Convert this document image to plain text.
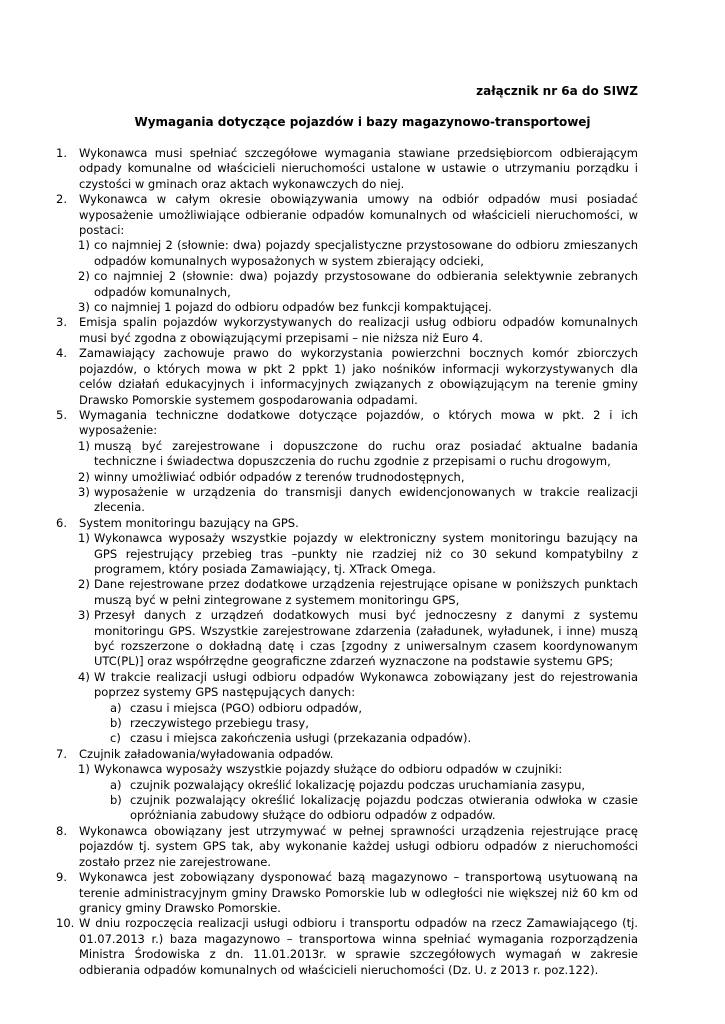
załącznik nr 6a do SIWZ
Wymagania dotyczące pojazdów i bazy magazynowo-transportowej
1. Wykonawca musi spełniać szczegółowe wymagania stawiane przedsiębiorcom odbierającym odpady komunalne od właścicieli nieruchomości ustalone w ustawie o utrzymaniu porządku i czystości w gminach oraz aktach wykonawczych do niej.

2. Wykonawca w całym okresie obowiązywania umowy na odbiór odpadów musi posiadać wyposażenie umożliwiające odbieranie odpadów komunalnych od właścicieli nieruchomości, w postaci:

1) co najmniej 2 (słownie: dwa) pojazdy specjalistyczne przystosowane do odbioru zmieszanych odpadów komunalnych wyposażonych w system zbierający odcieki,

2) co najmniej 2 (słownie: dwa) pojazdy przystosowane do odbierania selektywnie zebranych odpadów komunalnych,

3) co najmniej 1 pojazd do odbioru odpadów bez funkcji kompaktującej.

3. Emisja spalin pojazdów wykorzystywanych do realizacji usług odbioru odpadów komunalnych musi być zgodna z obowiązującymi przepisami – nie niższa niż Euro 4.

4. Zamawiający zachowuje prawo do wykorzystania powierzchni bocznych komór zbiorczych pojazdów, o których mowa w pkt 2 ppkt 1) jako nośników informacji wykorzystywanych dla celów działań edukacyjnych i informacyjnych związanych z obowiązującym na terenie gminy Drawsko Pomorskie systemem gospodarowania odpadami.

5. Wymagania techniczne dodatkowe dotyczące pojazdów, o których mowa w pkt. 2 i ich wyposażenie:

1) muszą być zarejestrowane i dopuszczone do ruchu oraz posiadać aktualne badania techniczne i świadectwa dopuszczenia do ruchu zgodnie z przepisami o ruchu drogowym,

2) winny umożliwiać odbiór odpadów z terenów trudnodostępnych,

3) wyposażenie w urządzenia do transmisji danych ewidencjonowanych w trakcie realizacji zlecenia.

6. System monitoringu bazujący na GPS.

1) Wykonawca wyposaży wszystkie pojazdy w elektroniczny system monitoringu bazujący na GPS rejestrujący przebieg tras –punkty nie rzadziej niż co 30 sekund kompatybilny z programem, który posiada Zamawiający, tj. XTrack Omega.

2) Dane rejestrowane przez dodatkowe urządzenia rejestrujące opisane w poniższych punktach muszą być w pełni zintegrowane z systemem monitoringu GPS,

3) Przesył danych z urządzeń dodatkowych musi być jednoczesny z danymi z systemu monitoringu GPS. Wszystkie zarejestrowane zdarzenia (załadunek, wyładunek, i inne) muszą być rozszerzone o dokładną datę i czas [zgodny z uniwersalnym czasem koordynowanym UTC(PL)] oraz współrzędne geograficzne zdarzeń wyznaczone na podstawie systemu GPS;

4) W trakcie realizacji usługi odbioru odpadów Wykonawca zobowiązany jest do rejestrowania poprzez systemy GPS następujących danych:

a) czasu i miejsca (PGO) odbioru odpadów,

b) rzeczywistego przebiegu trasy,

c) czasu i miejsca zakończenia usługi (przekazania odpadów).

7. Czujnik załadowania/wyładowania odpadów.

1) Wykonawca wyposaży wszystkie pojazdy służące do odbioru odpadów w czujniki:

a) czujnik pozwalający określić lokalizację pojazdu podczas uruchamiania zasypu,

b) czujnik pozwalający określić lokalizację pojazdu podczas otwierania odwłoka w czasie opróżniania zabudowy służące do odbioru odpadów z odpadów.

8. Wykonawca obowiązany jest utrzymywać w pełnej sprawności urządzenia rejestrujące pracę pojazdów tj. system GPS tak, aby wykonanie każdej usługi odbioru odpadów z nieruchomości zostało przez nie zarejestrowane.

9. Wykonawca jest zobowiązany dysponować bazą magazynowo – transportową usytuowaną na terenie administracyjnym gminy Drawsko Pomorskie lub w odległości nie większej niż 60 km od granicy gminy Drawsko Pomorskie.

10. W dniu rozpoczęcia realizacji usługi odbioru i transportu odpadów na rzecz Zamawiającego (tj. 01.07.2013 r.) baza magazynowo – transportowa winna spełniać wymagania rozporządzenia Ministra Środowiska z dn. 11.01.2013r. w sprawie szczegółowych wymagań w zakresie odbierania odpadów komunalnych od właścicieli nieruchomości (Dz. U. z 2013 r. poz.122).
